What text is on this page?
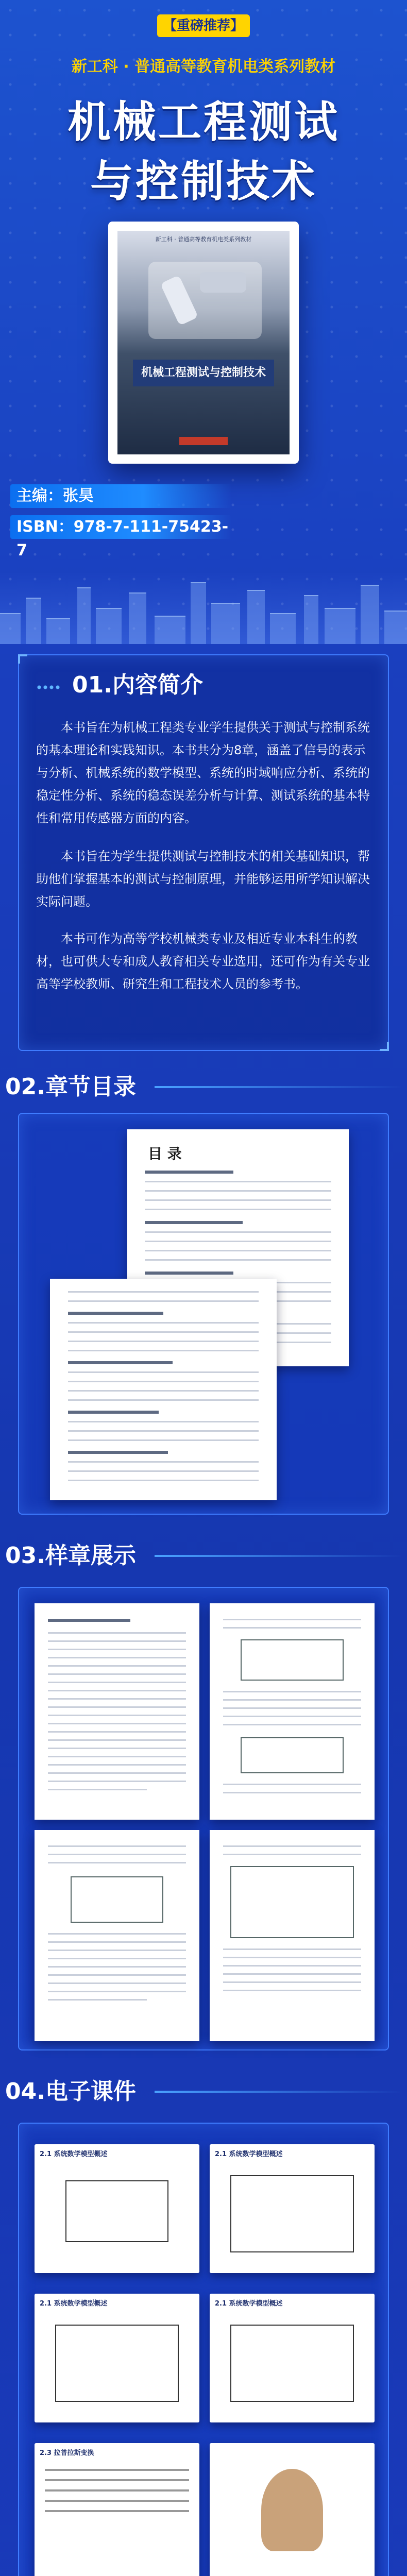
【重磅推荐】
新工科 · 普通高等教育机电类系列教材
机械工程测试
与控制技术
新工科 · 普通高等教育机电类系列教材
机械工程测试与控制技术
主编：张昊
ISBN：978-7-111-75423-7
01.内容简介
本书旨在为机械工程类专业学生提供关于测试与控制系统的基本理论和实践知识。本书共分为8章，涵盖了信号的表示与分析、机械系统的数学模型、系统的时域响应分析、系统的稳定性分析、系统的稳态误差分析与计算、测试系统的基本特性和常用传感器方面的内容。
本书旨在为学生提供测试与控制技术的相关基础知识，帮助他们掌握基本的测试与控制原理，并能够运用所学知识解决实际问题。
本书可作为高等学校机械类专业及相近专业本科生的教材，也可供大专和成人教育相关专业选用，还可作为有关专业高等学校教师、研究生和工程技术人员的参考书。
02.章节目录
目 录
03.样章展示
04.电子课件
2.1 系统数学模型概述	2.1 系统数学模型概述
2.1 系统数学模型概述	2.1 系统数学模型概述
2.3 拉普拉斯变换
